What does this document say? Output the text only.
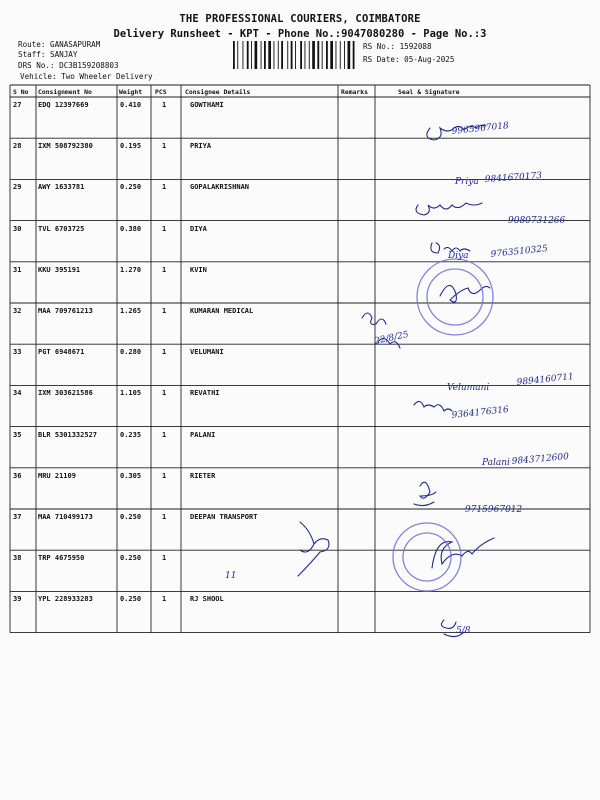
THE PROFESSIONAL COURIERS, COIMBATORE
Delivery Runsheet - KPT - Phone No.:9047080280 - Page No.:3
Route: GANASAPURAM
Staff: SANJAY
DRS No.: DC3B159208803
Vehicle: Two Wheeler Delivery
RS No.: 1592088
RS Date: 05-Aug-2025
S No Consignment No	Weight PCS	Consignee Details	Remarks	Seal & Signature
27 EDQ 12397669	0.410	1	GOWTHAMI
28 IXM 508792380	0.195	1	PRIYA
29 AWY 1633781	0.250	1	GOPALAKRISHNAN
30 TVL 6703725	0.380	1	DIYA
31 KKU 395191	1.270	1	KVIN
32 MAA 709761213	1.265	1	KUMARAN MEDICAL
33 PGT 6948671	0.280	1	VELUMANI
34 IXM 303621586	1.105	1	REVATHI
35 BLR 5301332527	0.235	1	PALANI
36 MRU 21109	0.305	1	RIETER
37 MAA 710499173	0.250	1	DEEPAN TRANSPORT
38 TRP 4675950	0.250	1
39 YPL 228933283	0.250	1	RJ SHOOL
9965967018
Priya 9841670173
9080731266
Diya 9763510325
22/8/25
Velumani
9894160711
9364176316
Palani 9843712600
9715967012
11
5/8
